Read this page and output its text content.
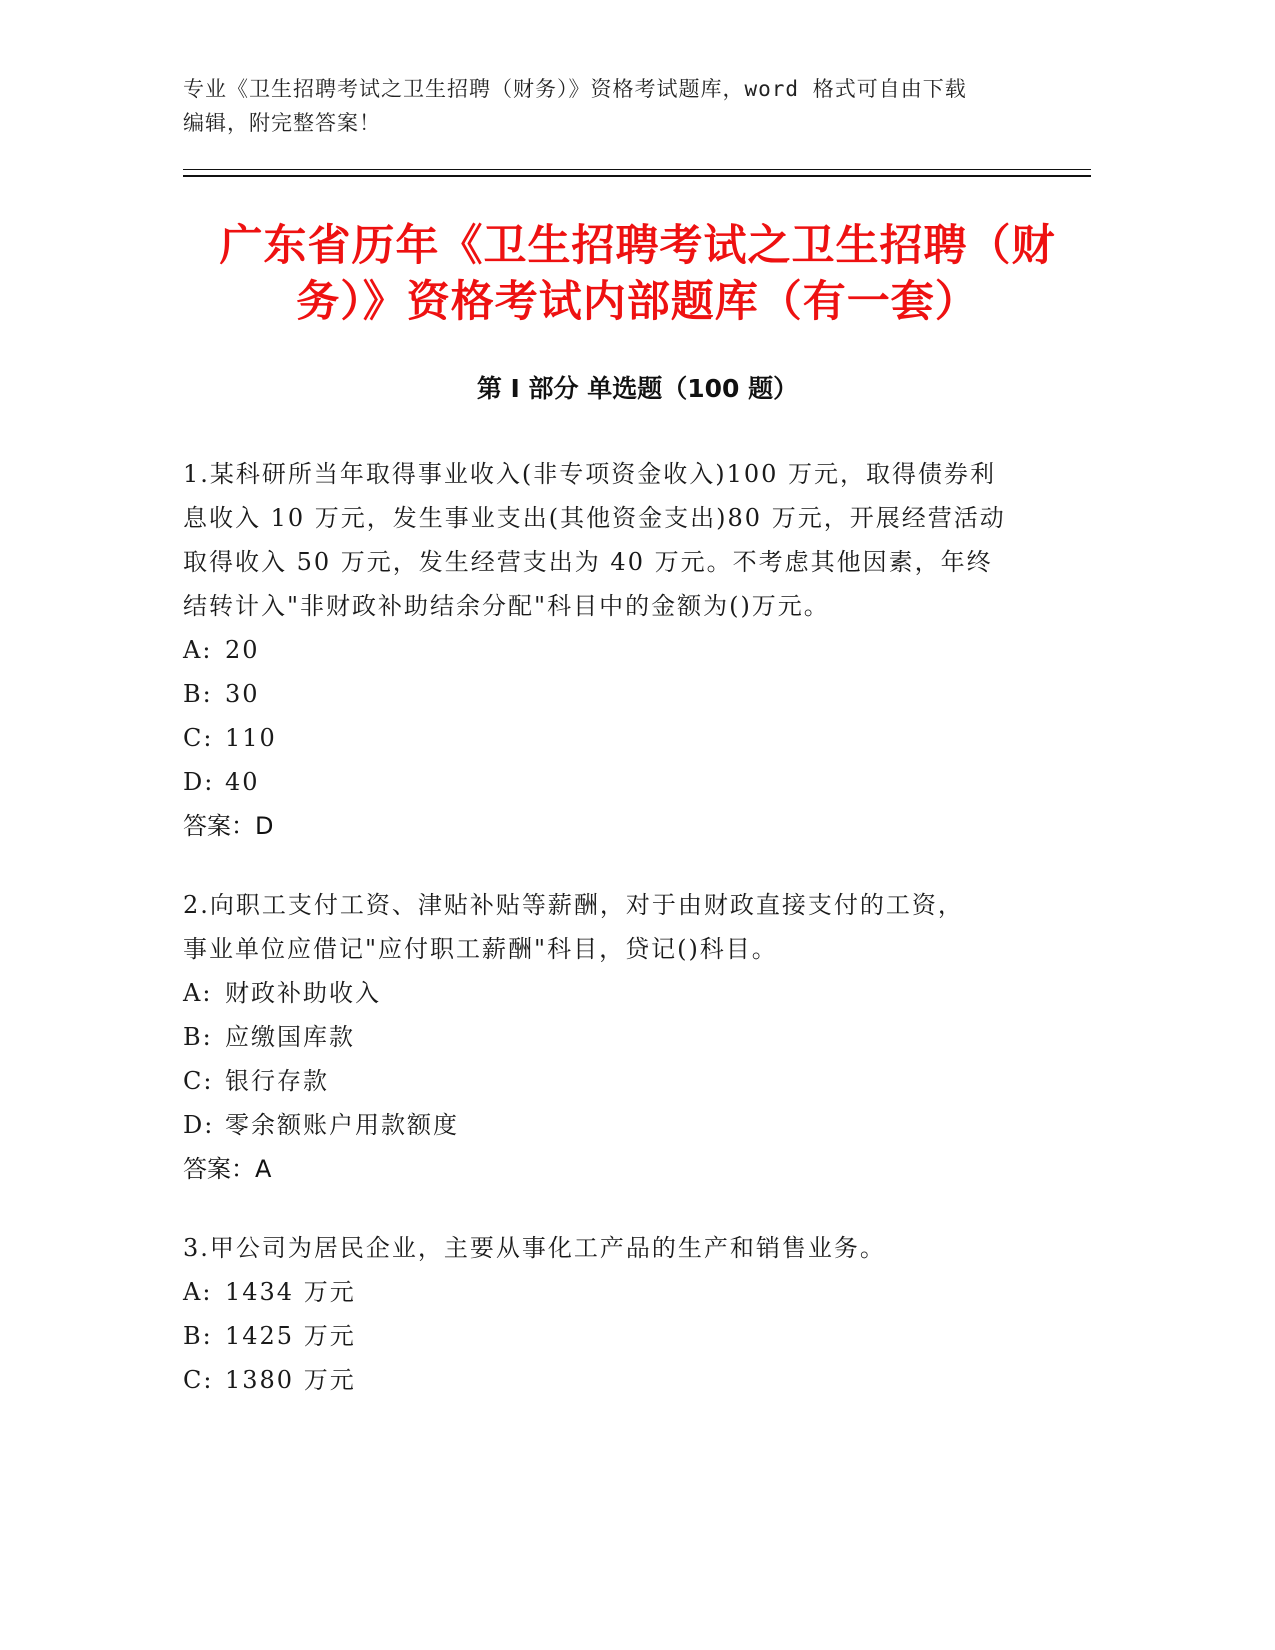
专业《卫生招聘考试之卫生招聘（财务）》资格考试题库，word 格式可自由下载
编辑，附完整答案！
广东省历年《卫生招聘考试之卫生招聘（财
务）》资格考试内部题库（有一套）
第 I 部分 单选题（100 题）

1.某科研所当年取得事业收入(非专项资金收入)100 万元，取得债券利
息收入 10 万元，发生事业支出(其他资金支出)80 万元，开展经营活动
取得收入 50 万元，发生经营支出为 40 万元。不考虑其他因素，年终
结转计入"非财政补助结余分配"科目中的金额为()万元。

A: 20
B: 30
C: 110
D: 40
答案：D

2.向职工支付工资、津贴补贴等薪酬，对于由财政直接支付的工资，
事业单位应借记"应付职工薪酬"科目，贷记()科目。

A: 财政补助收入
B: 应缴国库款
C: 银行存款
D: 零余额账户用款额度
答案：A

3.甲公司为居民企业，主要从事化工产品的生产和销售业务。

A: 1434 万元
B: 1425 万元
C: 1380 万元
